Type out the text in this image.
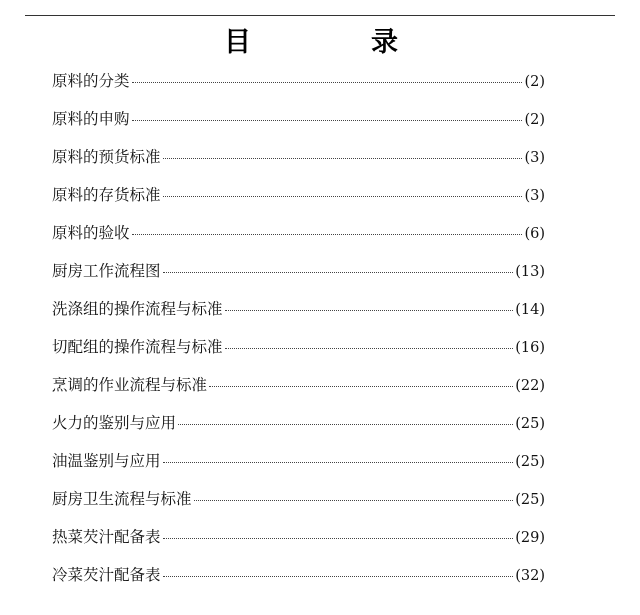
目	录
原料的分类	(2)
原料的申购	(2)
原料的预货标准	(3)
原料的存货标准	(3)
原料的验收	(6)
厨房工作流程图	(13)
洗涤组的操作流程与标准	(14)
切配组的操作流程与标准	(16)
烹调的作业流程与标准	(22)
火力的鉴别与应用	(25)
油温鉴别与应用	(25)
厨房卫生流程与标准	(25)
热菜芡汁配备表	(29)
冷菜芡汁配备表	(32)
